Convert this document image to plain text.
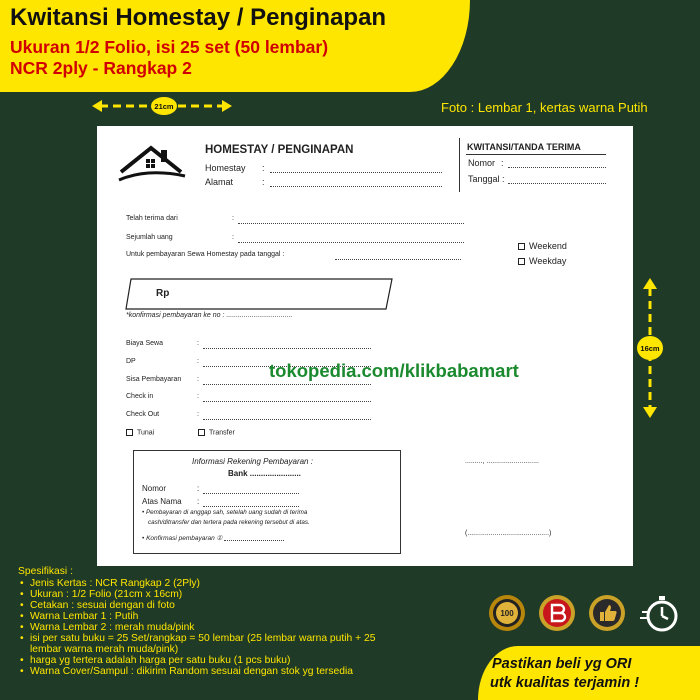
Kwitansi Homestay / Penginapan
Ukuran 1/2 Folio, isi 25 set (50 lembar)
NCR 2ply - Rangkap 2
21cm
16cm
Foto : Lembar 1, kertas warna Putih
HOMESTAY / PENGINAPAN
Homestay :
Alamat	:
KWITANSI/TANDA TERIMA
Nomor :
Tanggal :
Telah terima dari	:
Sejumlah uang	:
Untuk pembayaran Sewa Homestay pada tanggal :
Weekend
Weekday
Rp
*konfirmasi pembayaran ke no : ..................................
Biaya Sewa	:
DP	:
Sisa Pembayaran :
Check in	:
Check Out	:
Tunai	Transfer
Informasi Rekening Pembayaran :
Bank .......................
Nomor	:
Atas Nama :
• Pembayaran di anggap sah, setelah uang sudah di terima
cash/ditransfer dan tertera pada rekening tersebut di atas.
• Konfirmasi pembayaran ①
........., ...........................
(..........................................)
tokopedia.com/klikbabamart
Spesifikasi :
• Jenis Kertas : NCR Rangkap 2 (2Ply)
• Ukuran : 1/2 Folio (21cm x 16cm)
• Cetakan : sesuai dengan di foto
• Warna Lembar 1 : Putih
• Warna Lembar 2 : merah muda/pink
• isi per satu buku = 25 Set/rangkap = 50 lembar (25 lembar warna putih + 25 lembar warna merah muda/pink)
• harga yg tertera adalah harga per satu buku (1 pcs buku)
• Warna Cover/Sampul : dikirim Random sesuai dengan stok yg tersedia
100
Pastikan beli yg ORI
utk kualitas terjamin !
